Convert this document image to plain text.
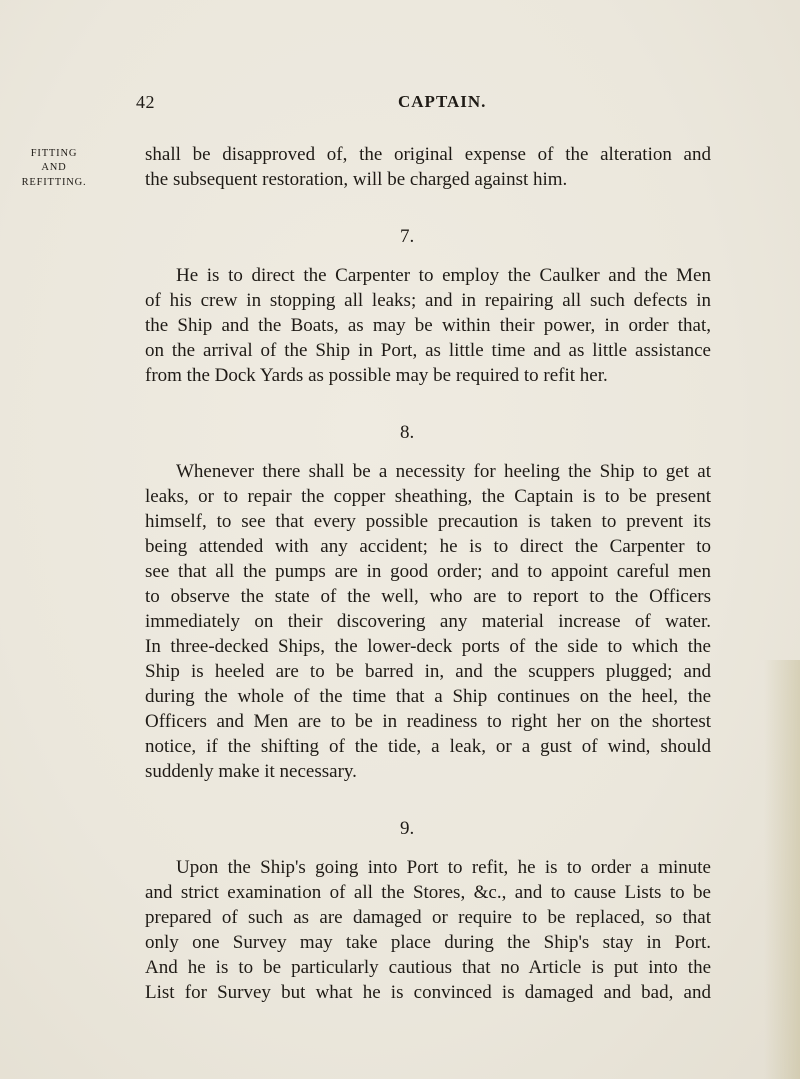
42	CAPTAIN.
FITTING
AND
REFITTING.
shall be disapproved of, the original expense of the alteration and
the subsequent restoration, will be charged against him.
7.
He is to direct the Carpenter to employ the Caulker and the Men
of his crew in stopping all leaks; and in repairing all such defects in
the Ship and the Boats, as may be within their power, in order that,
on the arrival of the Ship in Port, as little time and as little assistance
from the Dock Yards as possible may be required to refit her.
8.
Whenever there shall be a necessity for heeling the Ship to get at
leaks, or to repair the copper sheathing, the Captain is to be present
himself, to see that every possible precaution is taken to prevent its
being attended with any accident; he is to direct the Carpenter to
see that all the pumps are in good order; and to appoint careful men
to observe the state of the well, who are to report to the Officers
immediately on their discovering any material increase of water.
In three-decked Ships, the lower-deck ports of the side to which the
Ship is heeled are to be barred in, and the scuppers plugged; and
during the whole of the time that a Ship continues on the heel, the
Officers and Men are to be in readiness to right her on the shortest
notice, if the shifting of the tide, a leak, or a gust of wind, should
suddenly make it necessary.
9.
Upon the Ship's going into Port to refit, he is to order a minute
and strict examination of all the Stores, &c., and to cause Lists to be
prepared of such as are damaged or require to be replaced, so that
only one Survey may take place during the Ship's stay in Port.
And he is to be particularly cautious that no Article is put into the
List for Survey but what he is convinced is damaged and bad, and
